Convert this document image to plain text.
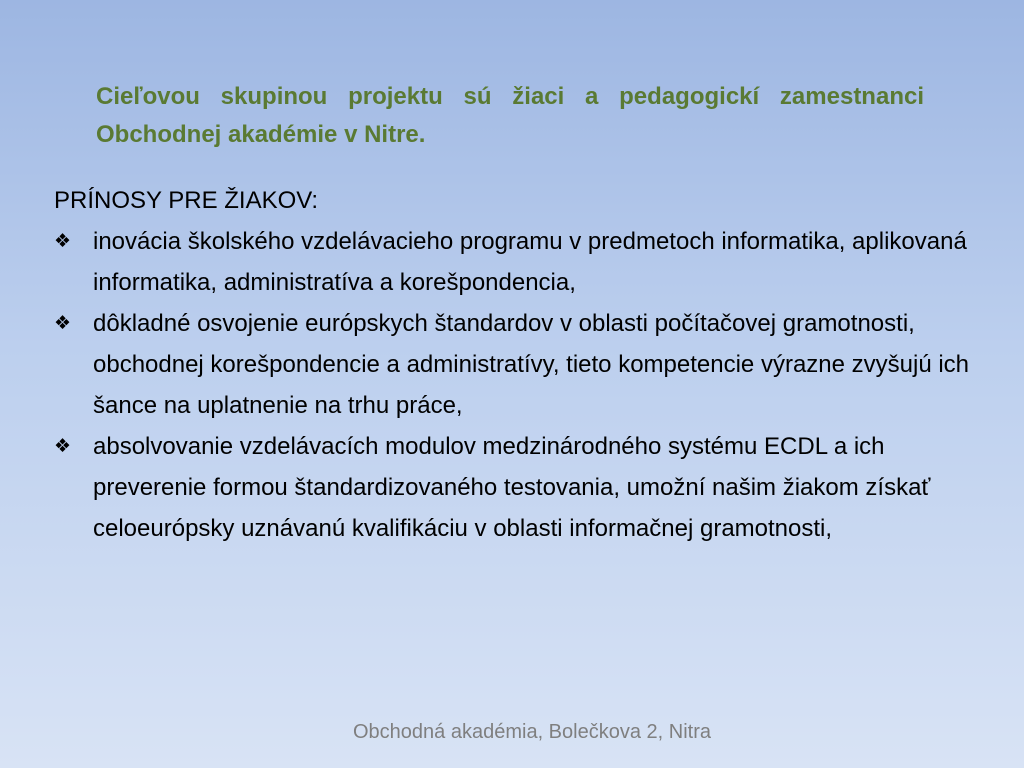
Cieľovou skupinou projektu sú žiaci a pedagogickí zamestnanci Obchodnej akadémie v Nitre.

PRÍNOSY PRE ŽIAKOV:
❖ inovácia školského vzdelávacieho programu v predmetoch informatika, aplikovaná informatika, administratíva a korešpondencia,
❖ dôkladné osvojenie európskych štandardov v oblasti počítačovej gramotnosti, obchodnej korešpondencie a administratívy, tieto kompetencie výrazne zvyšujú ich šance na uplatnenie na trhu práce,
❖ absolvovanie vzdelávacích modulov medzinárodného systému ECDL a ich preverenie formou štandardizovaného testovania, umožní našim žiakom získať celoeurópsky uznávanú kvalifikáciu v oblasti informačnej gramotnosti,
Obchodná akadémia, Bolečkova 2, Nitra
